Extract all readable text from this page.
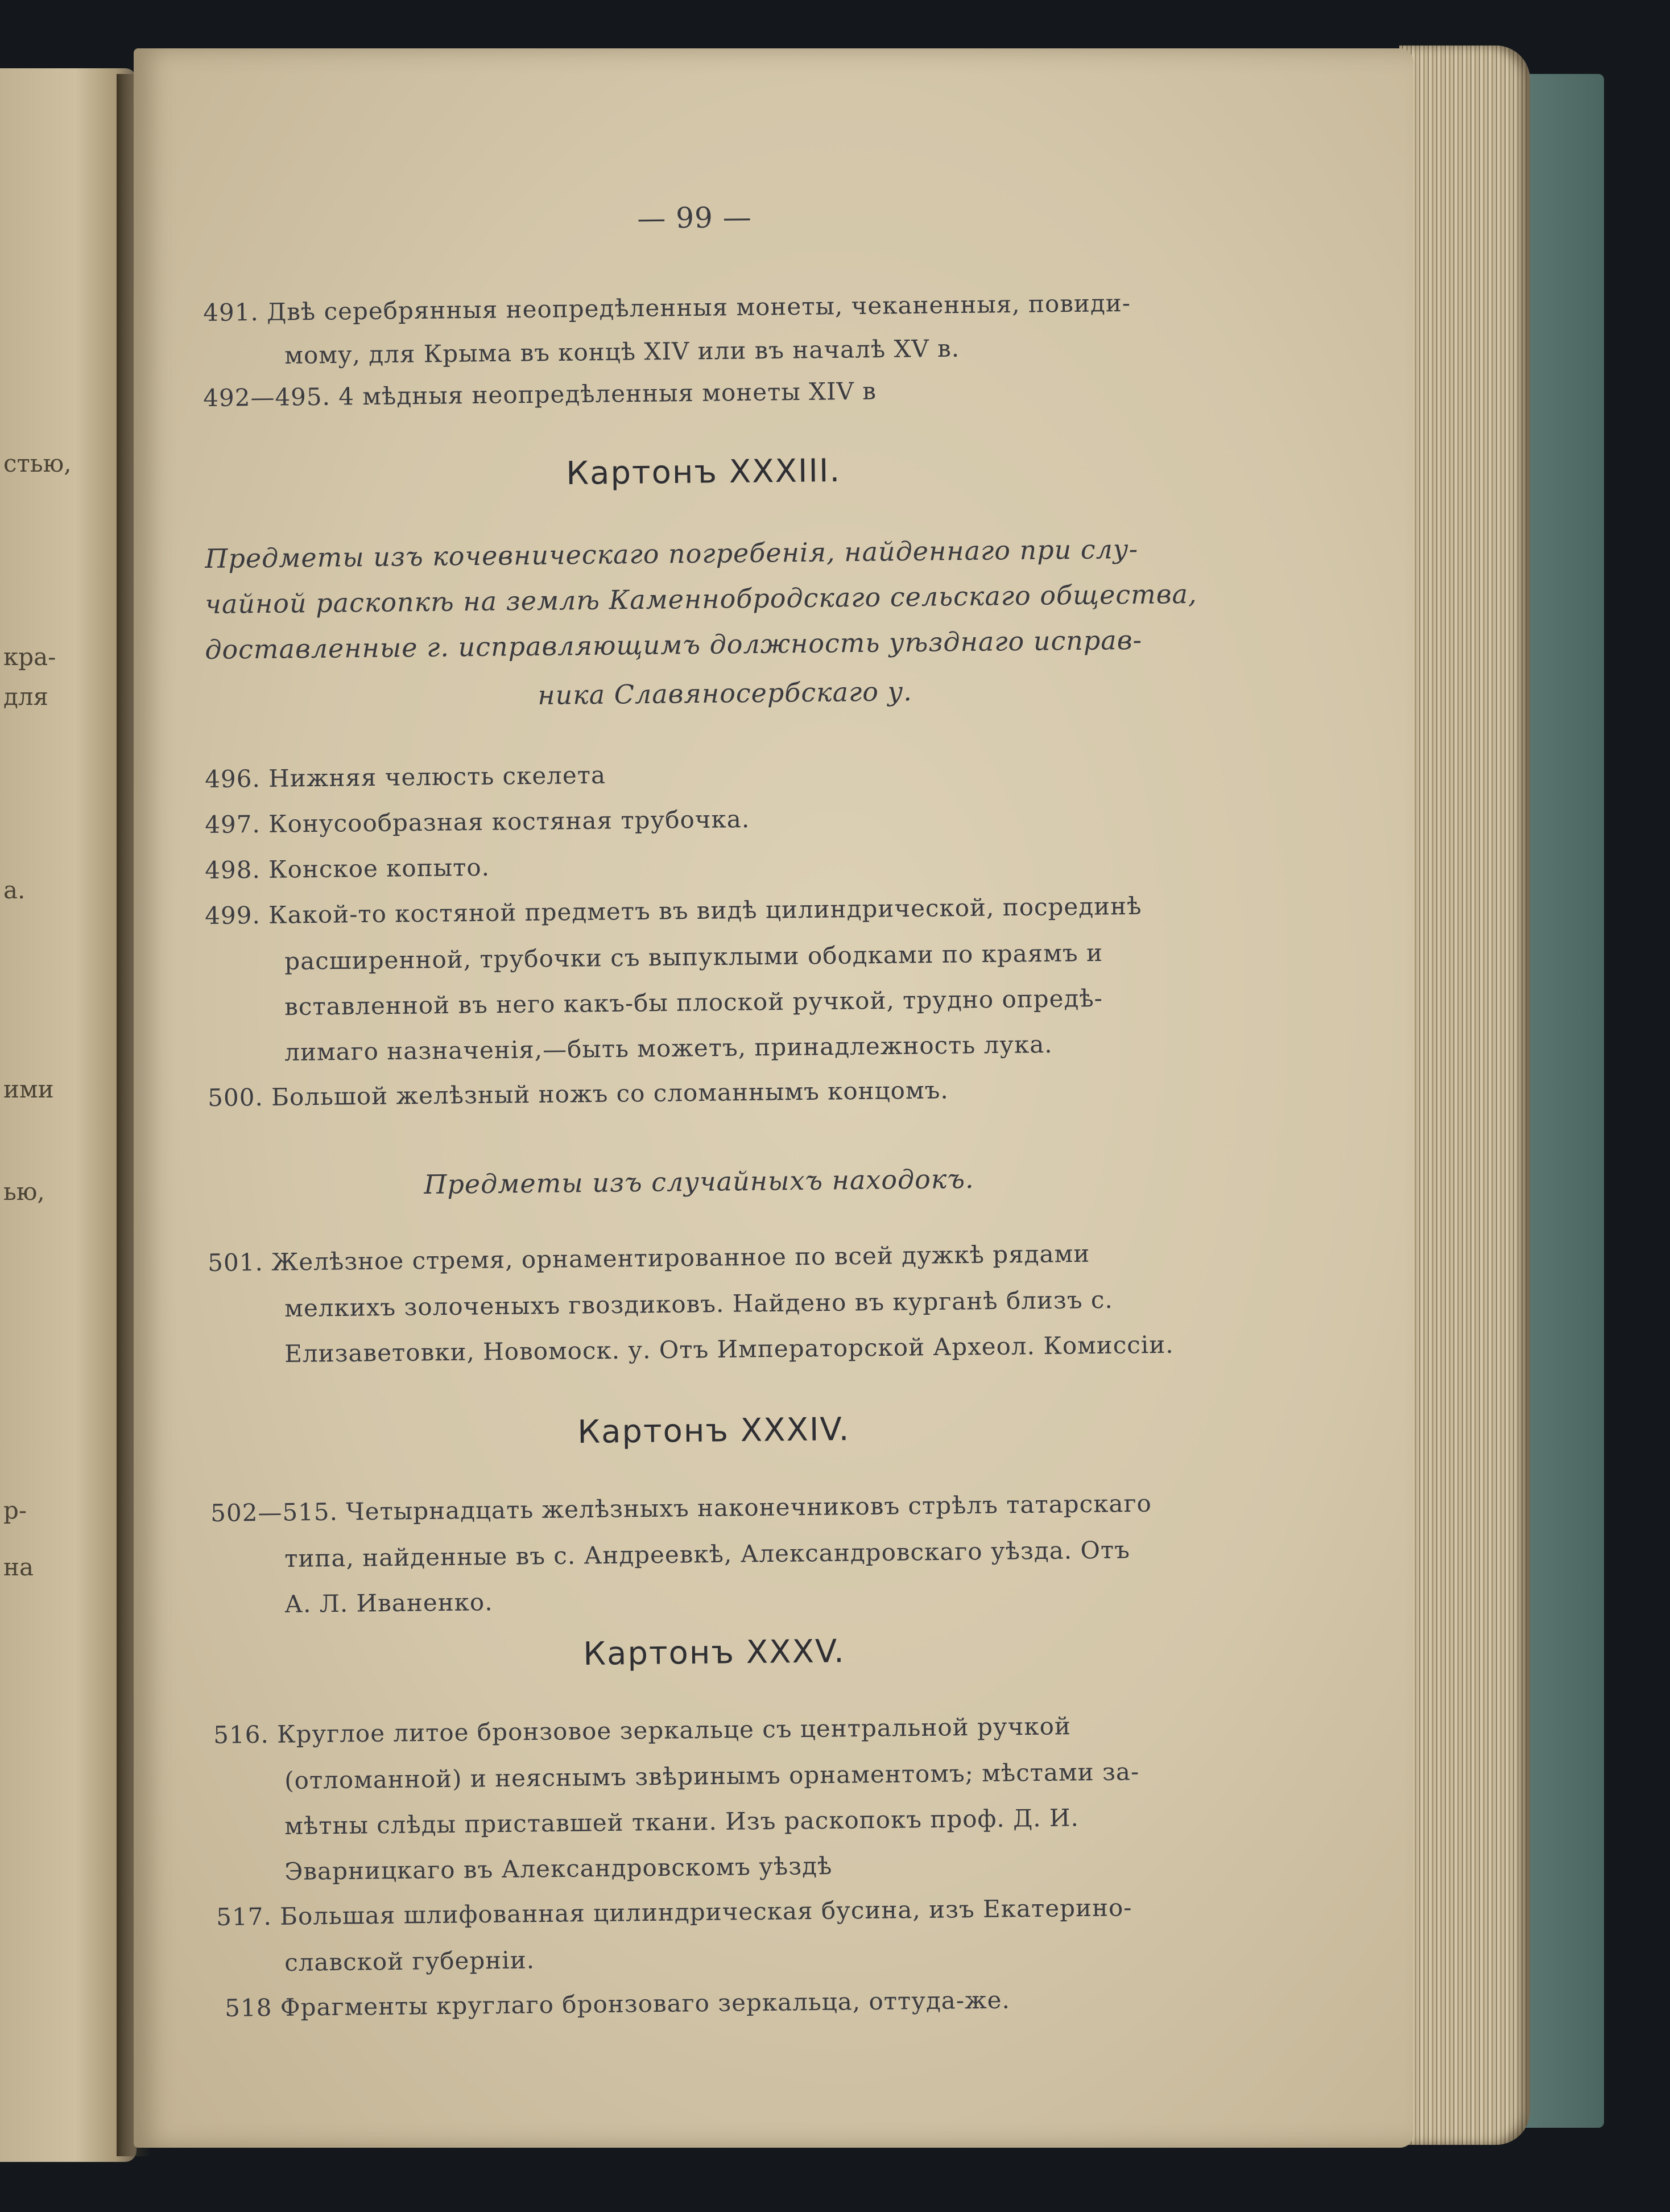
стью,
кра-
для
а.
ими
ью,
р-
на
— 99 —
491. Двѣ серебрянныя неопредѣленныя монеты, чеканенныя, повиди-
мому, для Крыма въ концѣ XIV или въ началѣ XV в.
492—495. 4 мѣдныя неопредѣленныя монеты XIV в
Картонъ XXXIII.
Предметы изъ кочевническаго погребенія, найденнаго при слу-
чайной раскопкѣ на землѣ Каменнобродскаго сельскаго общества,
доставленные г. исправляющимъ должность уѣзднаго исправ-
ника Славяносербскаго у.
496. Нижняя челюсть скелета
497. Конусообразная костяная трубочка.
498. Конское копыто.
499. Какой-то костяной предметъ въ видѣ цилиндрической, посрединѣ
расширенной, трубочки съ выпуклыми ободками по краямъ и
вставленной въ него какъ-бы плоской ручкой, трудно опредѣ-
лимаго назначенія,—быть можетъ, принадлежность лука.
500. Большой желѣзный ножъ со сломаннымъ концомъ.
Предметы изъ случайныхъ находокъ.
501. Желѣзное стремя, орнаментированное по всей дужкѣ рядами
мелкихъ золоченыхъ гвоздиковъ. Найдено въ курганѣ близъ с.
Елизаветовки, Новомоск. у. Отъ Императорской Археол. Комиссіи.
Картонъ XXXIV.
502—515. Четырнадцать желѣзныхъ наконечниковъ стрѣлъ татарскаго
типа, найденные въ с. Андреевкѣ, Александровскаго уѣзда. Отъ
А. Л. Иваненко.
Картонъ XXXV.
516. Круглое литое бронзовое зеркальце съ центральной ручкой
(отломанной) и неяснымъ звѣринымъ орнаментомъ; мѣстами за-
мѣтны слѣды приставшей ткани. Изъ раскопокъ проф. Д. И.
Эварницкаго въ Александровскомъ уѣздѣ
517. Большая шлифованная цилиндрическая бусина, изъ Екатерино-
славской губерніи.
518 Фрагменты круглаго бронзоваго зеркальца, оттуда-же.
